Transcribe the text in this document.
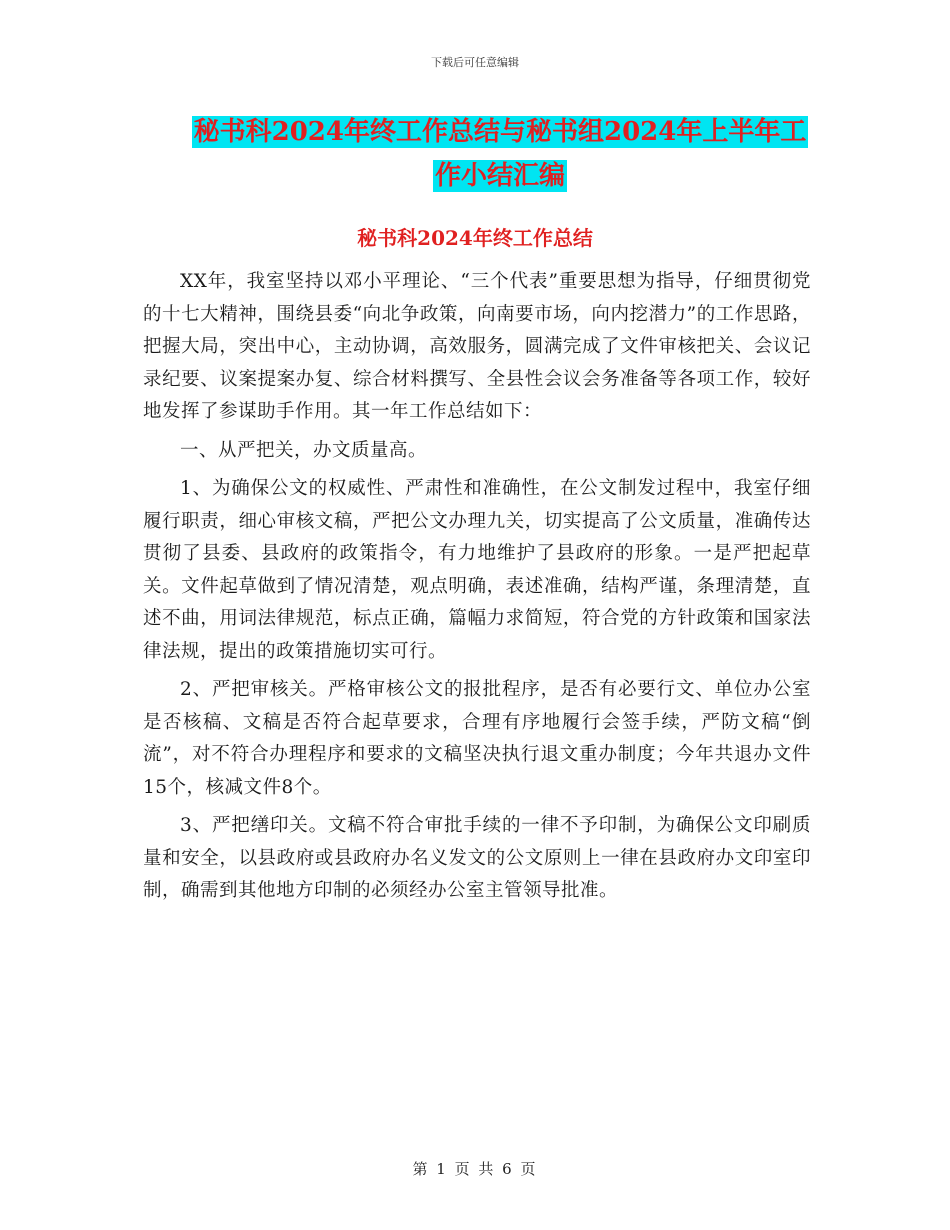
下载后可任意编辑
秘书科2024年终工作总结与秘书组2024年上半年工
作小结汇编
秘书科2024年终工作总结

XX年，我室坚持以邓小平理论、“三个代表”重要思想为指导，仔细贯彻党的十七大精神，围绕县委“向北争政策，向南要市场，向内挖潜力”的工作思路，把握大局，突出中心，主动协调，高效服务，圆满完成了文件审核把关、会议记录纪要、议案提案办复、综合材料撰写、全县性会议会务准备等各项工作，较好地发挥了参谋助手作用。其一年工作总结如下：

一、从严把关，办文质量高。

1、为确保公文的权威性、严肃性和准确性，在公文制发过程中，我室仔细履行职责，细心审核文稿，严把公文办理九关，切实提高了公文质量，准确传达贯彻了县委、县政府的政策指令，有力地维护了县政府的形象。一是严把起草关。文件起草做到了情况清楚，观点明确，表述准确，结构严谨，条理清楚，直述不曲，用词法律规范，标点正确，篇幅力求简短，符合党的方针政策和国家法律法规，提出的政策措施切实可行。

2、严把审核关。严格审核公文的报批程序，是否有必要行文、单位办公室是否核稿、文稿是否符合起草要求，合理有序地履行会签手续，严防文稿“倒流”，对不符合办理程序和要求的文稿坚决执行退文重办制度；今年共退办文件15个，核减文件8个。

3、严把缮印关。文稿不符合审批手续的一律不予印制，为确保公文印刷质量和安全，以县政府或县政府办名义发文的公文原则上一律在县政府办文印室印制，确需到其他地方印制的必须经办公室主管领导批准。

第 1 页 共 6 页
